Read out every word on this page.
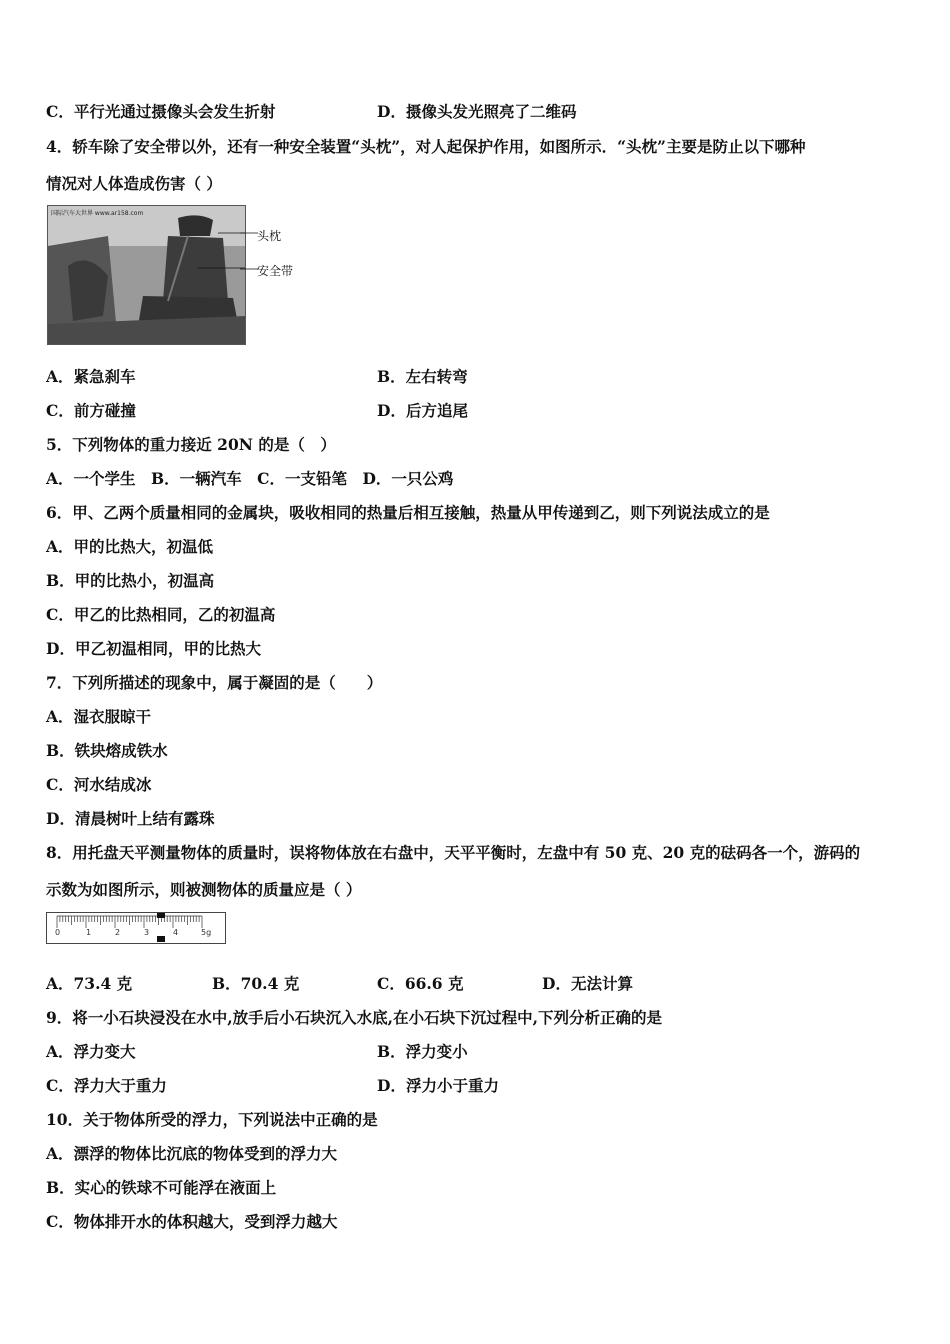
C．平行光通过摄像头会发生折射	D．摄像头发光照亮了二维码
4．轿车除了安全带以外，还有一种安全装置“头枕”，对人起保护作用，如图所示．“头枕”主要是防止以下哪种
情况对人体造成伤害（ ）
国际汽车大世界 www.ar158.com
头枕
安全带
A．紧急刹车	B．左右转弯
C．前方碰撞	D．后方追尾
5．下列物体的重力接近 20N 的是（　）
A．一个学生　B．一辆汽车　C．一支铅笔　D．一只公鸡
6．甲、乙两个质量相同的金属块，吸收相同的热量后相互接触，热量从甲传递到乙，则下列说法成立的是
A．甲的比热大，初温低
B．甲的比热小，初温高
C．甲乙的比热相同，乙的初温高
D．甲乙初温相同，甲的比热大
7．下列所描述的现象中，属于凝固的是（　　）
A．湿衣服晾干
B．铁块熔成铁水
C．河水结成冰
D．清晨树叶上结有露珠
8．用托盘天平测量物体的质量时，误将物体放在右盘中，天平平衡时，左盘中有 50 克、20 克的砝码各一个，游码的
示数为如图所示，则被测物体的质量应是（ ）
0	1	2	3	4	5g
A．73.4 克	B．70.4 克	C．66.6 克	D．无法计算
9．将一小石块浸没在水中,放手后小石块沉入水底,在小石块下沉过程中,下列分析正确的是
A．浮力变大	B．浮力变小
C．浮力大于重力	D．浮力小于重力
10．关于物体所受的浮力，下列说法中正确的是
A．漂浮的物体比沉底的物体受到的浮力大
B．实心的铁球不可能浮在液面上
C．物体排开水的体积越大，受到浮力越大
